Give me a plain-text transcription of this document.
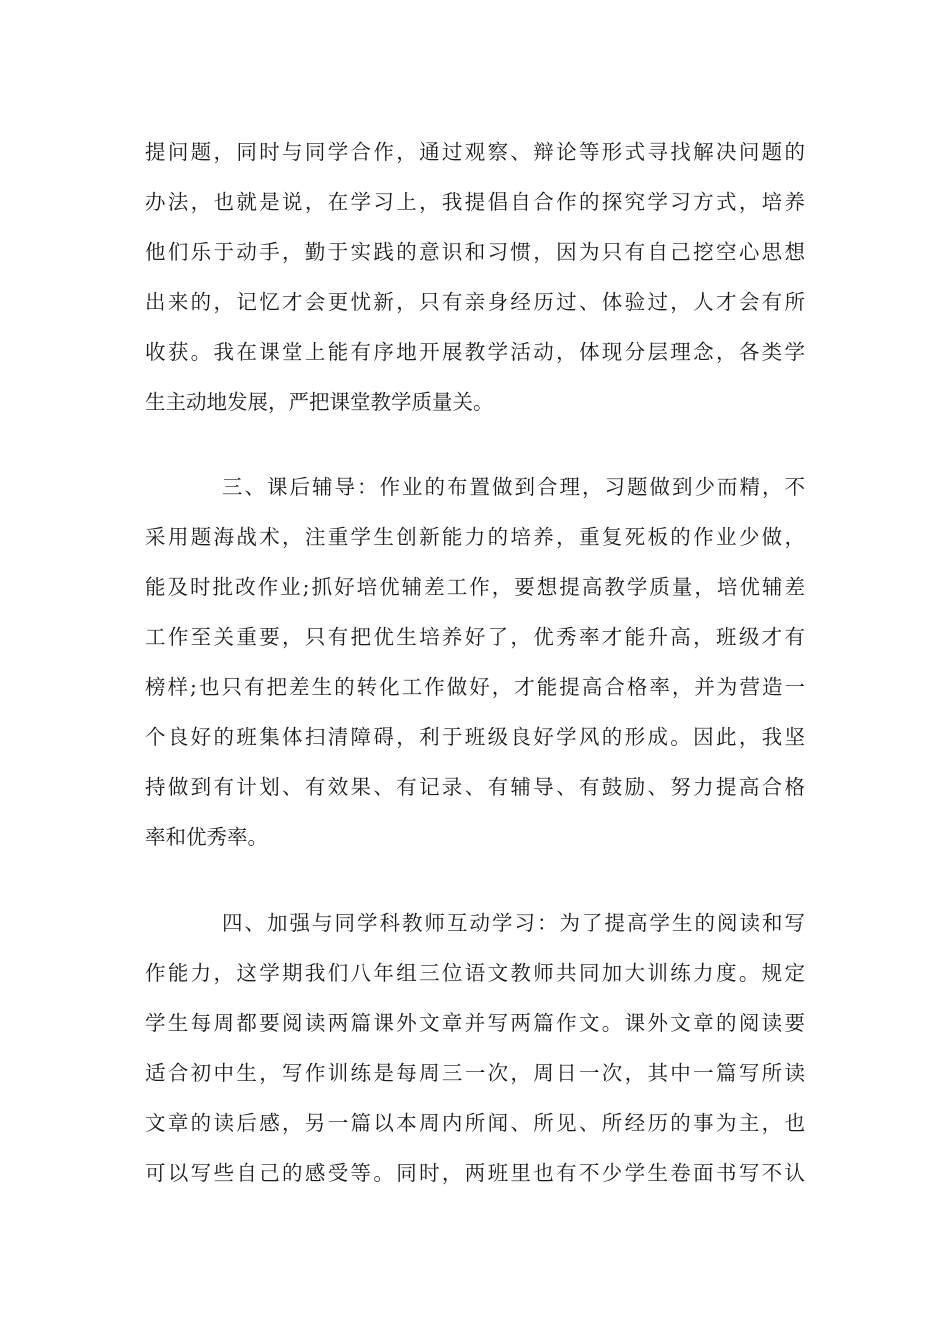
提问题，同时与同学合作，通过观察、辩论等形式寻找解决问题的

办法，也就是说，在学习上，我提倡自合作的探究学习方式，培养

他们乐于动手，勤于实践的意识和习惯，因为只有自己挖空心思想

出来的，记忆才会更忧新，只有亲身经历过、体验过，人才会有所

收获。我在课堂上能有序地开展教学活动，体现分层理念，各类学

生主动地发展，严把课堂教学质量关。

三、课后辅导：作业的布置做到合理，习题做到少而精，不

采用题海战术，注重学生创新能力的培养，重复死板的作业少做，

能及时批改作业;抓好培优辅差工作，要想提高教学质量，培优辅差

工作至关重要，只有把优生培养好了，优秀率才能升高，班级才有

榜样;也只有把差生的转化工作做好，才能提高合格率，并为营造一

个良好的班集体扫清障碍，利于班级良好学风的形成。因此，我坚

持做到有计划、有效果、有记录、有辅导、有鼓励、努力提高合格

率和优秀率。

四、加强与同学科教师互动学习：为了提高学生的阅读和写

作能力，这学期我们八年组三位语文教师共同加大训练力度。规定

学生每周都要阅读两篇课外文章并写两篇作文。课外文章的阅读要

适合初中生，写作训练是每周三一次，周日一次，其中一篇写所读

文章的读后感，另一篇以本周内所闻、所见、所经历的事为主，也

可以写些自己的感受等。同时，两班里也有不少学生卷面书写不认
